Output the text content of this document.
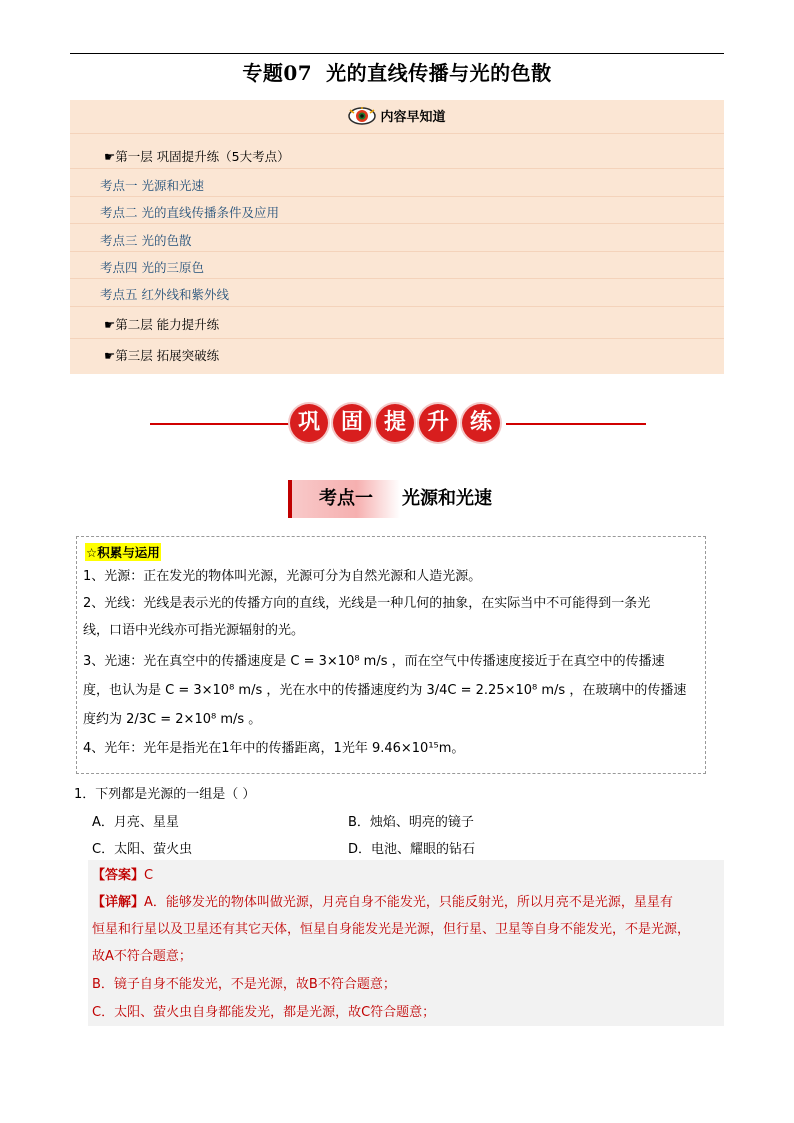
专题07 光的直线传播与光的色散
内容早知道
☛第一层 巩固提升练（5大考点）
考点一 光源和光速
考点二 光的直线传播条件及应用
考点三 光的色散
考点四 光的三原色
考点五 红外线和紫外线
☛第二层 能力提升练
☛第三层 拓展突破练
巩 固 提 升 练
考点一	光源和光速
☆积累与运用

1、光源：正在发光的物体叫光源，光源可分为自然光源和人造光源。

2、光线：光线是表示光的传播方向的直线，光线是一种几何的抽象，在实际当中不可能得到一条光

线，口语中光线亦可指光源辐射的光。

3、光速：光在真空中的传播速度是 C = 3×10⁸ m/s ，而在空气中传播速度接近于在真空中的传播速

度，也认为是 C = 3×10⁸ m/s ，光在水中的传播速度约为 3/4C = 2.25×10⁸ m/s ，在玻璃中的传播速

度约为 2/3C = 2×10⁸ m/s 。

4、光年：光年是指光在1年中的传播距离，1光年 9.46×10¹⁵m。

1．下列都是光源的一组是（ ）
A．月亮、星星	B．烛焰、明亮的镜子
C．太阳、萤火虫	D．电池、耀眼的钻石
【答案】C
【详解】A．能够发光的物体叫做光源，月亮自身不能发光，只能反射光，所以月亮不是光源，星星有
恒星和行星以及卫星还有其它天体，恒星自身能发光是光源，但行星、卫星等自身不能发光，不是光源，
故A不符合题意；
B．镜子自身不能发光，不是光源，故B不符合题意；
C．太阳、萤火虫自身都能发光，都是光源，故C符合题意；
